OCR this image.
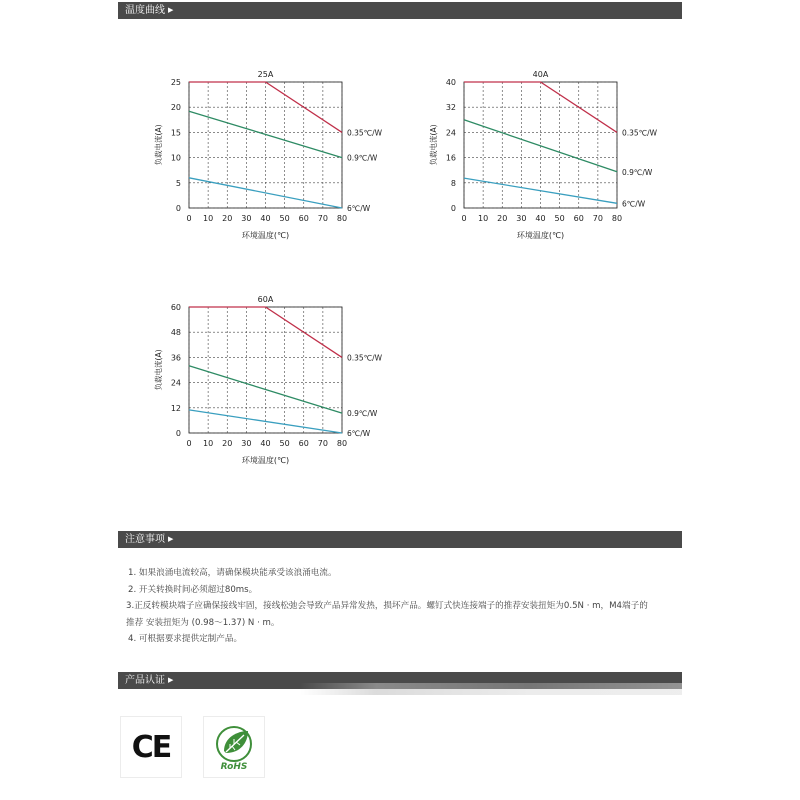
温度曲线 ▶
0 10 20 30 40 50 60 70 80
0
5
10
15
20
25
25A
环境温度(℃)
负载电流(A)	0.35℃/W
0.9℃/W
6℃/W
0 10 20 30 40 50 60 70 80
0
8
16
24
32
40
40A
环境温度(℃)
负载电流(A)	0.35℃/W
0.9℃/W
6℃/W
0 10 20 30 40 50 60 70 80
0
12
24
36
48
60
60A
环境温度(℃)
负载电流(A)	0.35℃/W
0.9℃/W
6℃/W
注意事项 ▶
1. 如果浪涌电流较高，请确保模块能承受该浪涌电流。
2. 开关转换时间必须超过80ms。
3.正反转模块端子应确保接线牢固，接线松弛会导致产品异常发热，损坏产品。螺钉式快连接端子的推荐安装扭矩为0.5N · m，M4端子的
推荐 安装扭矩为 (0.98～1.37) N · m。
4. 可根据要求提供定制产品。
产品认证 ▶
CE
RoHS
